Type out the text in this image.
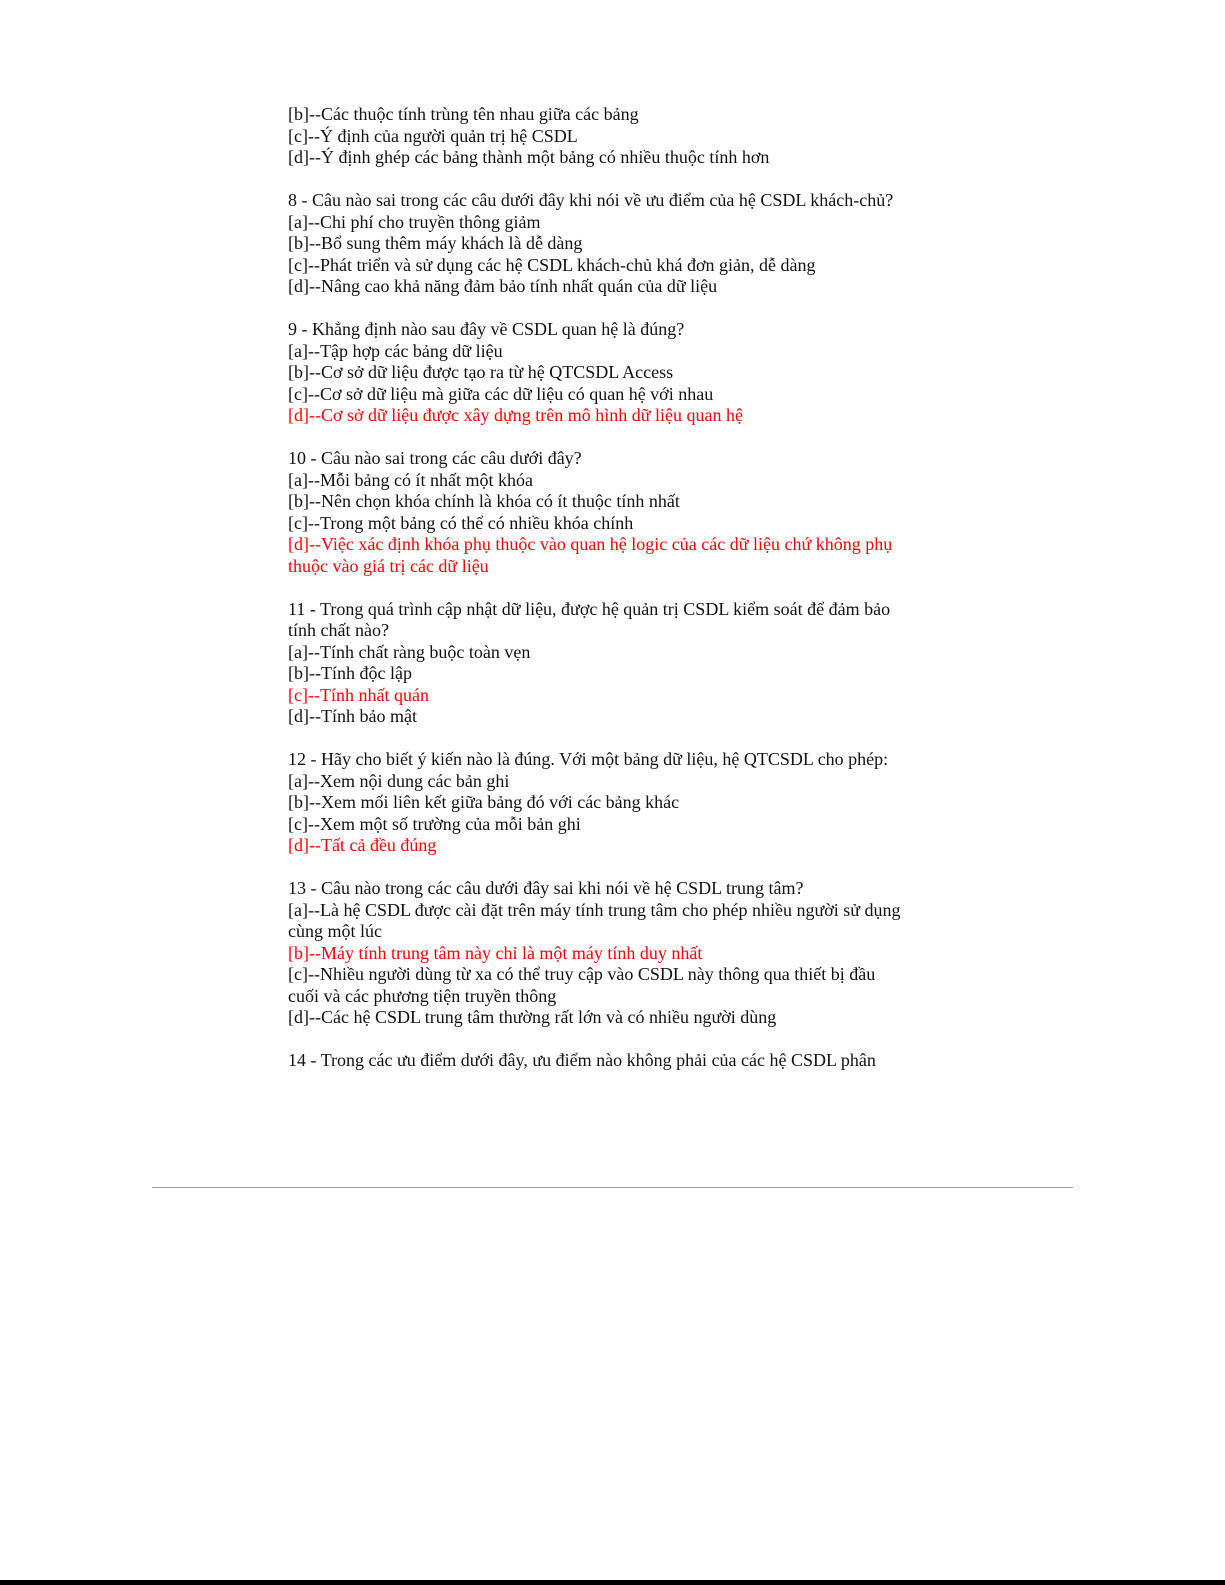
[b]--Các thuộc tính trùng tên nhau giữa các bảng
[c]--Ý định của người quản trị hệ CSDL
[d]--Ý định ghép các bảng thành một bảng có nhiều thuộc tính hơn
8 - Câu nào sai trong các câu dưới đây khi nói về ưu điểm của hệ CSDL khách-chủ?
[a]--Chi phí cho truyền thông giảm
[b]--Bổ sung thêm máy khách là dễ dàng
[c]--Phát triển và sử dụng các hệ CSDL khách-chủ khá đơn giản, dễ dàng
[d]--Nâng cao khả năng đảm bảo tính nhất quán của dữ liệu
9 - Khẳng định nào sau đây về CSDL quan hệ là đúng?
[a]--Tập hợp các bảng dữ liệu
[b]--Cơ sở dữ liệu được tạo ra từ hệ QTCSDL Access
[c]--Cơ sở dữ liệu mà giữa các dữ liệu có quan hệ với nhau
[d]--Cơ sở dữ liệu được xây dựng trên mô hình dữ liệu quan hệ
10 - Câu nào sai trong các câu dưới đây?
[a]--Mỗi bảng có ít nhất một khóa
[b]--Nên chọn khóa chính là khóa có ít thuộc tính nhất
[c]--Trong một bảng có thể có nhiều khóa chính
[d]--Việc xác định khóa phụ thuộc vào quan hệ logic của các dữ liệu chứ không phụ
thuộc vào giá trị các dữ liệu
11 - Trong quá trình cập nhật dữ liệu, được hệ quản trị CSDL kiểm soát để đảm bảo
tính chất nào?
[a]--Tính chất ràng buộc toàn vẹn
[b]--Tính độc lập
[c]--Tính nhất quán
[d]--Tính bảo mật
12 - Hãy cho biết ý kiến nào là đúng. Với một bảng dữ liệu, hệ QTCSDL cho phép:
[a]--Xem nội dung các bản ghi
[b]--Xem mối liên kết giữa bảng đó với các bảng khác
[c]--Xem một số trường của mỗi bản ghi
[d]--Tất cả đều đúng
13 - Câu nào trong các câu dưới đây sai khi nói về hệ CSDL trung tâm?
[a]--Là hệ CSDL được cài đặt trên máy tính trung tâm cho phép nhiều người sử dụng
cùng một lúc
[b]--Máy tính trung tâm này chỉ là một máy tính duy nhất
[c]--Nhiều người dùng từ xa có thể truy cập vào CSDL này thông qua thiết bị đầu
cuối và các phương tiện truyền thông
[d]--Các hệ CSDL trung tâm thường rất lớn và có nhiều người dùng
14 - Trong các ưu điểm dưới đây, ưu điểm nào không phải của các hệ CSDL phân
